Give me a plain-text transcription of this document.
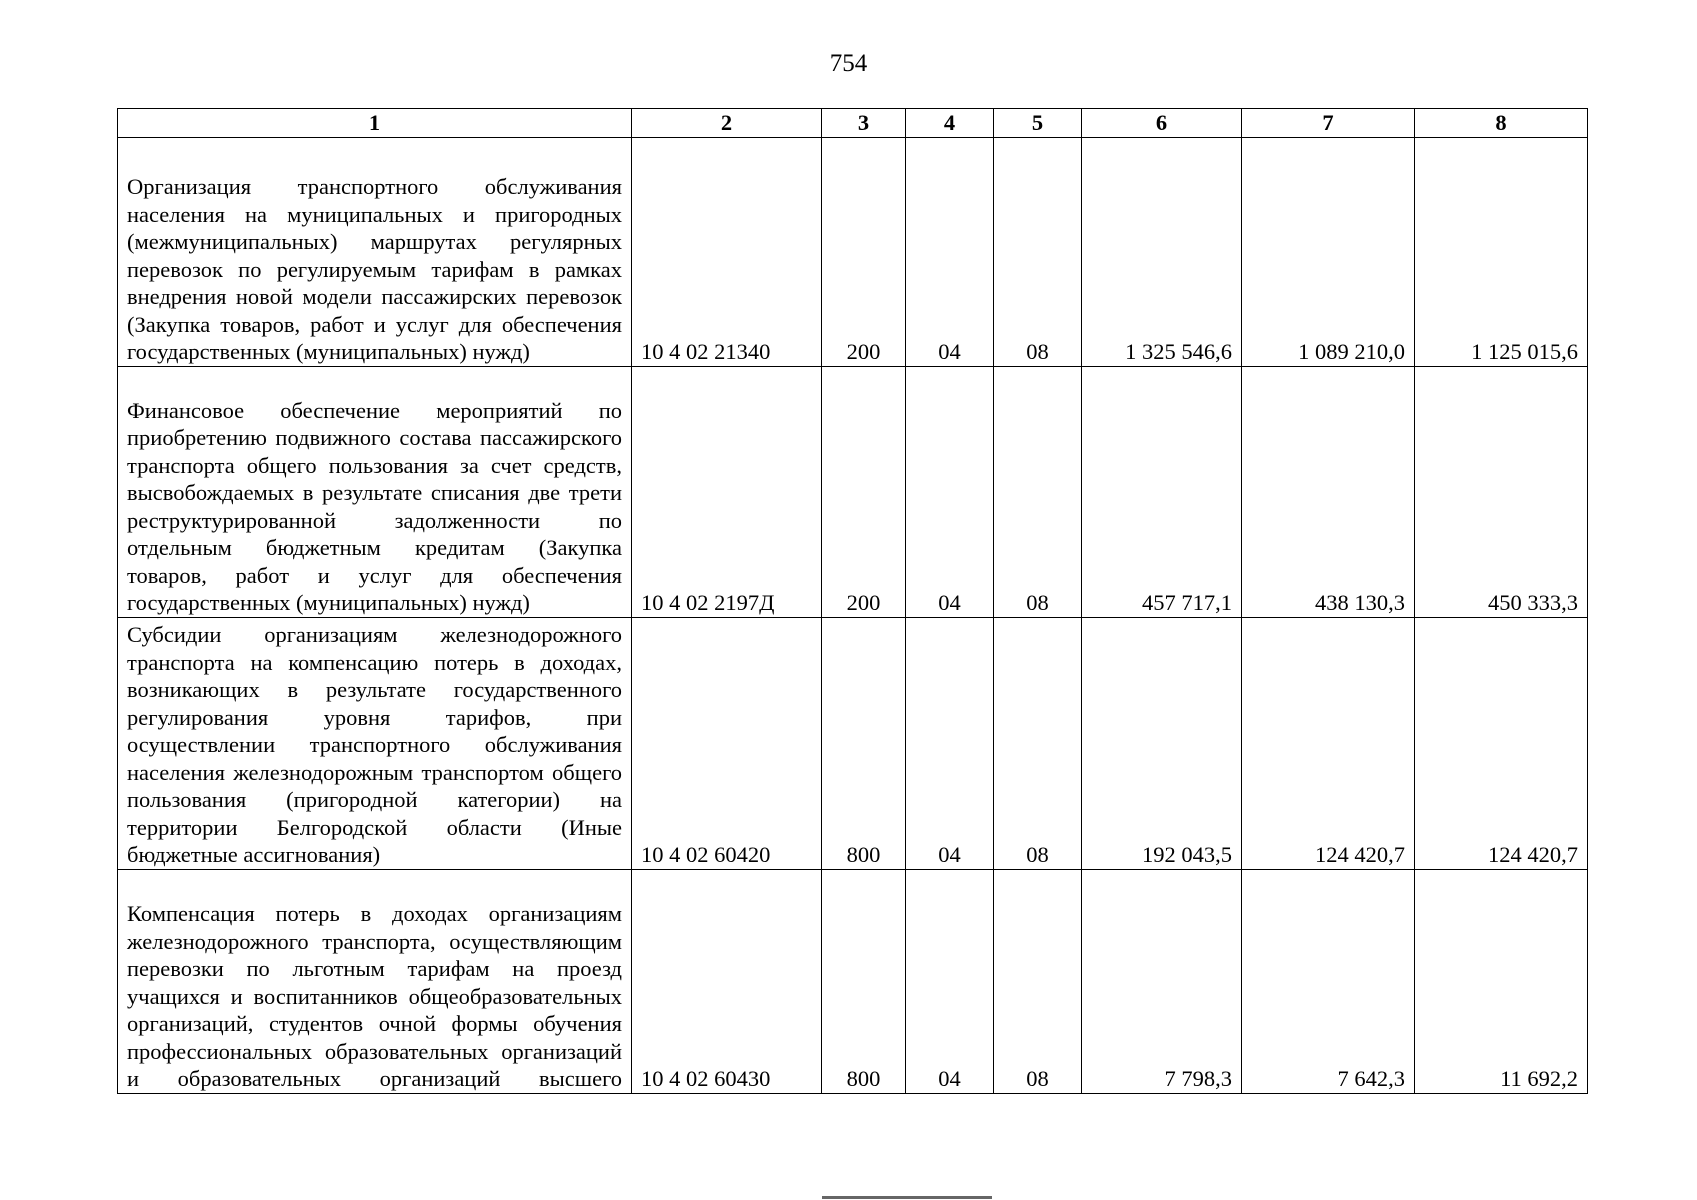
754
1	2	3	4	5	6	7	8
Организация транспортного обслуживания населения на муниципальных и пригородных (межмуниципальных) маршрутах регулярных перевозок по регулируемым тарифам в рамках внедрения новой модели пассажирских перевозок (Закупка товаров, работ и услуг для обеспечения государственных (муниципальных) нужд)	10 4 02 21340	200	04	08	1 325 546,6	1 089 210,0	1 125 015,6
Финансовое обеспечение мероприятий по приобретению подвижного состава пассажирского транспорта общего пользования за счет средств, высвобождаемых в результате списания две трети реструктурированной задолженности по отдельным бюджетным кредитам (Закупка товаров, работ и услуг для обеспечения государственных (муниципальных) нужд)	10 4 02 2197Д	200	04	08	457 717,1	438 130,3	450 333,3
Субсидии организациям железнодорожного транспорта на компенсацию потерь в доходах, возникающих в результате государственного регулирования уровня тарифов, при осуществлении транспортного обслуживания населения железнодорожным транспортом общего пользования (пригородной категории) на территории Белгородской области (Иные бюджетные ассигнования)	10 4 02 60420	800	04	08	192 043,5	124 420,7	124 420,7
Компенсация потерь в доходах организациям железнодорожного транспорта, осуществляющим перевозки по льготным тарифам на проезд учащихся и воспитанников общеобразовательных организаций, студентов очной формы обучения профессиональных образовательных организаций и образовательных организаций высшего	10 4 02 60430	800	04	08	7 798,3	7 642,3	11 692,2
